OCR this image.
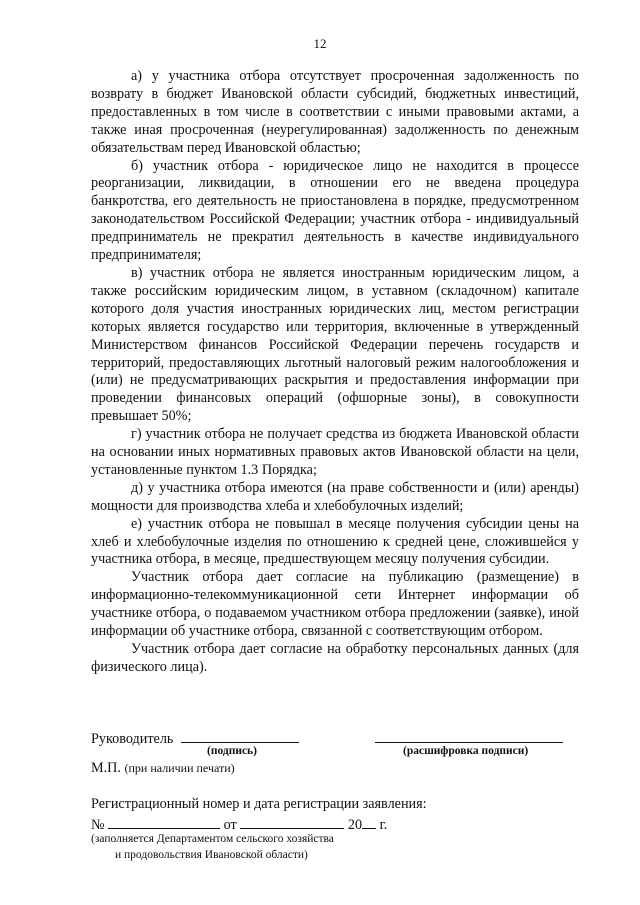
12

а) у участника отбора отсутствует просроченная задолженность по возврату в бюджет Ивановской области субсидий, бюджетных инвестиций, предоставленных в том числе в соответствии с иными правовыми актами, а также иная просроченная (неурегулированная) задолженность по денежным обязательствам перед Ивановской областью;

б) участник отбора - юридическое лицо не находится в процессе реорганизации, ликвидации, в отношении его не введена процедура банкротства, его деятельность не приостановлена в порядке, предусмотренном законодательством Российской Федерации; участник отбора - индивидуальный предприниматель не прекратил деятельность в качестве индивидуального предпринимателя;

в) участник отбора не является иностранным юридическим лицом, а также российским юридическим лицом, в уставном (складочном) капитале которого доля участия иностранных юридических лиц, местом регистрации которых является государство или территория, включенные в утвержденный Министерством финансов Российской Федерации перечень государств и территорий, предоставляющих льготный налоговый режим налогообложения и (или) не предусматривающих раскрытия и предоставления информации при проведении финансовых операций (офшорные зоны), в совокупности превышает 50%;

г) участник отбора не получает средства из бюджета Ивановской области на основании иных нормативных правовых актов Ивановской области на цели, установленные пунктом 1.3 Порядка;

д) у участника отбора имеются (на праве собственности и (или) аренды) мощности для производства хлеба и хлебобулочных изделий;

е) участник отбора не повышал в месяце получения субсидии цены на хлеб и хлебобулочные изделия по отношению к средней цене, сложившейся у участника отбора, в месяце, предшествующем месяцу получения субсидии.

Участник отбора дает согласие на публикацию (размещение) в информационно-телекоммуникационной сети Интернет информации об участнике отбора, о подаваемом участником отбора предложении (заявке), иной информации об участнике отбора, связанной с соответствующим отбором.

Участник отбора дает согласие на обработку персональных данных (для физического лица).

Руководитель
(подпись)	(расшифровка подписи)
М.П. (при наличии печати)
Регистрационный номер и дата регистрации заявления:
№	от	20 г.
(заполняется Департаментом сельского хозяйства
и продовольствия Ивановской области)
